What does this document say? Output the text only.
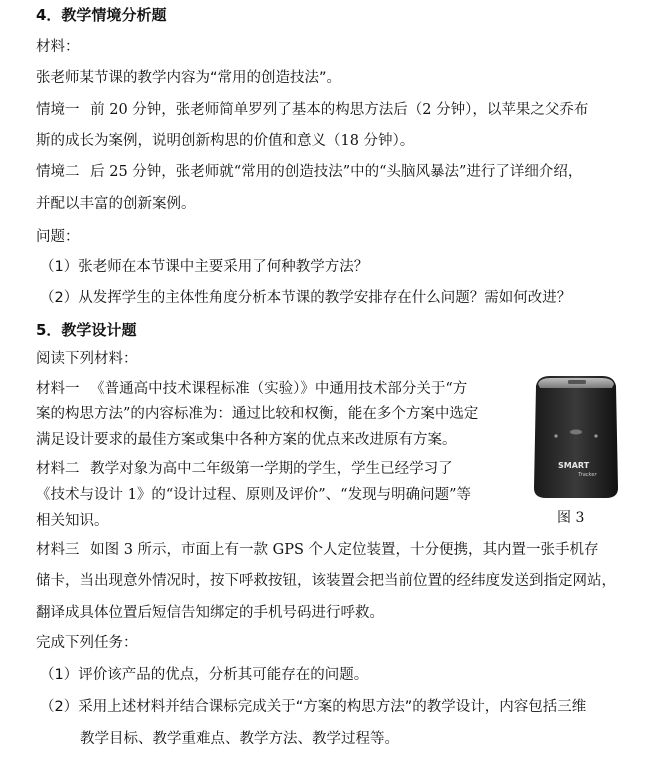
4．教学情境分析题
材料：
张老师某节课的教学内容为“常用的创造技法”。
情境一 前 20 分钟，张老师简单罗列了基本的构思方法后（2 分钟），以苹果之父乔布
斯的成长为案例，说明创新构思的价值和意义（18 分钟）。
情境二 后 25 分钟，张老师就“常用的创造技法”中的“头脑风暴法”进行了详细介绍，
并配以丰富的创新案例。
问题：
（1）张老师在本节课中主要采用了何种教学方法？
（2）从发挥学生的主体性角度分析本节课的教学安排存在什么问题？需如何改进？
5．教学设计题
阅读下列材料：
材料一 《普通高中技术课程标准（实验）》中通用技术部分关于“方
案的构思方法”的内容标准为：通过比较和权衡，能在多个方案中选定
满足设计要求的最佳方案或集中各种方案的优点来改进原有方案。
材料二 教学对象为高中二年级第一学期的学生，学生已经学习了
《技术与设计 1》的“设计过程、原则及评价”、“发现与明确问题”等
相关知识。
SMART
Tracker
图 3
材料三 如图 3 所示，市面上有一款 GPS 个人定位装置，十分便携，其内置一张手机存
储卡，当出现意外情况时，按下呼救按钮，该装置会把当前位置的经纬度发送到指定网站，
翻译成具体位置后短信告知绑定的手机号码进行呼救。
完成下列任务：
（1）评价该产品的优点，分析其可能存在的问题。
（2）采用上述材料并结合课标完成关于“方案的构思方法”的教学设计，内容包括三维
教学目标、教学重难点、教学方法、教学过程等。
